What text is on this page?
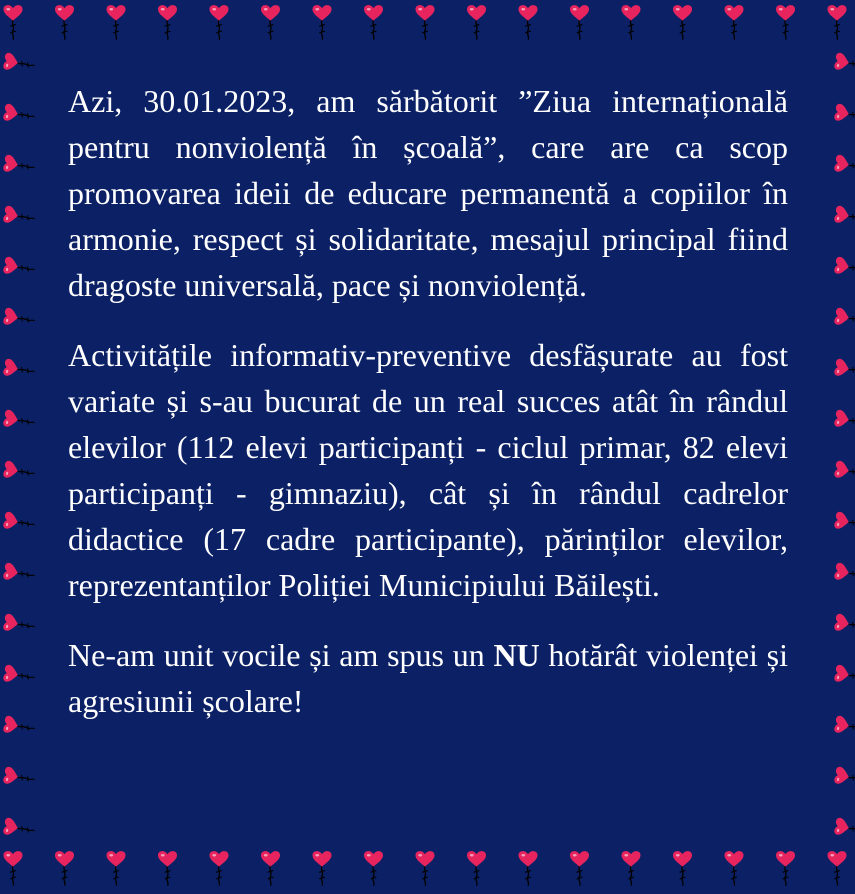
Azi, 30.01.2023, am sărbătorit ”Ziua internațională pentru nonviolență în școală”, care are ca scop promovarea ideii de educare permanentă a copiilor în armonie, respect și solidaritate, mesajul principal fiind dragoste universală, pace și nonviolență.

Activitățile informativ-preventive desfășurate au fost variate și s-au bucurat de un real succes atât în rândul elevilor (112 elevi participanți - ciclul primar, 82 elevi participanți - gimnaziu), cât și în rândul cadrelor didactice (17 cadre participante), părinților elevilor, reprezentanților Poliției Municipiului Băilești.

Ne-am unit vocile și am spus un NU hotărât violenței și agresiunii școlare!
